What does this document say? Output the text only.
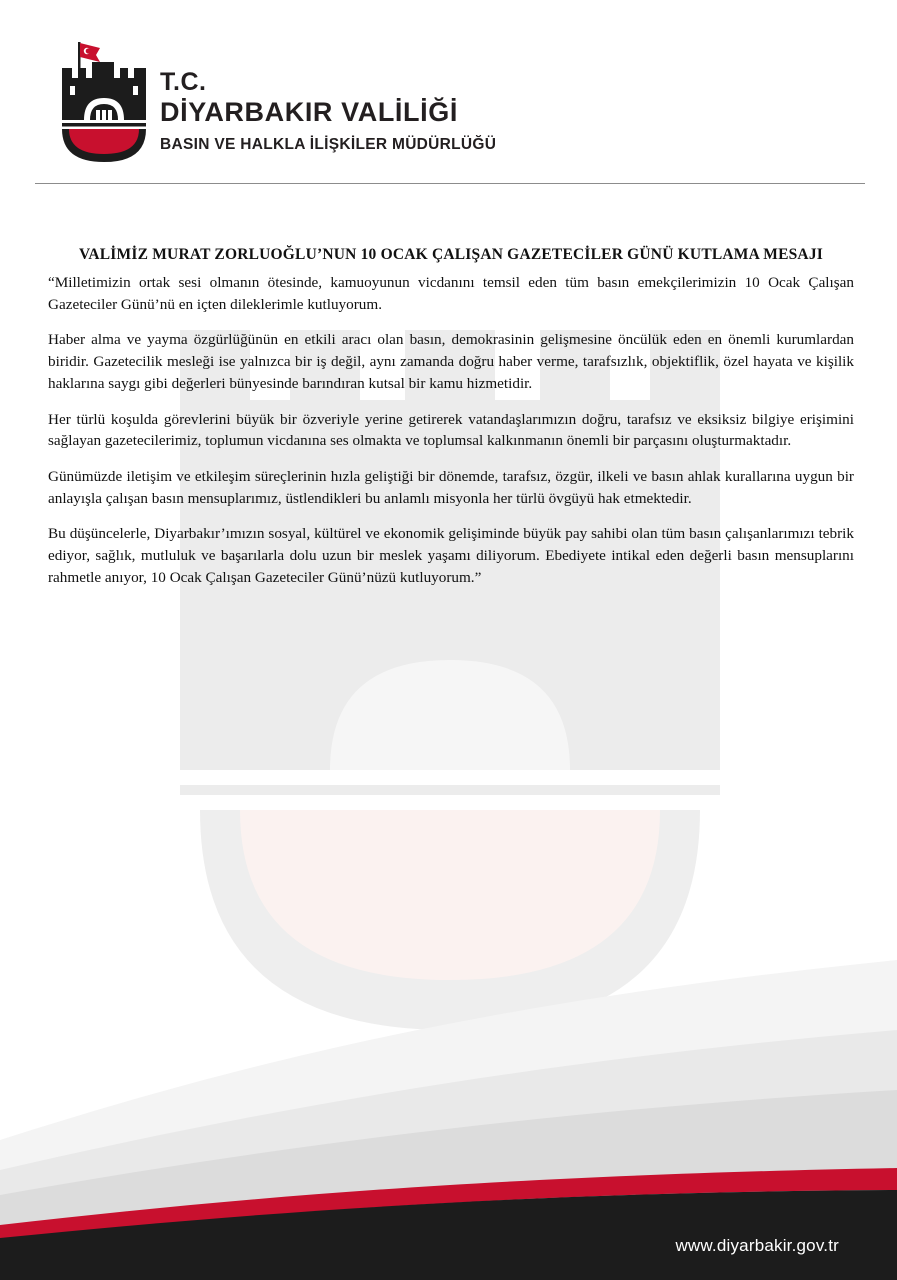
www.diyarbakir.gov.tr
T.C.
DİYARBAKIR VALİLİĞİ
BASIN VE HALKLA İLİŞKİLER MÜDÜRLÜĞÜ
VALİMİZ MURAT ZORLUOĞLU’NUN 10 OCAK ÇALIŞAN GAZETECİLER GÜNÜ KUTLAMA MESAJI

“Milletimizin ortak sesi olmanın ötesinde, kamuoyunun vicdanını temsil eden tüm basın emekçilerimizin 10 Ocak Çalışan Gazeteciler Günü’nü en içten dileklerimle kutluyorum.

Haber alma ve yayma özgürlüğünün en etkili aracı olan basın, demokrasinin gelişmesine öncülük eden en önemli kurumlardan biridir. Gazetecilik mesleği ise yalnızca bir iş değil, aynı zamanda doğru haber verme, tarafsızlık, objektiflik, özel hayata ve kişilik haklarına saygı gibi değerleri bünyesinde barındıran kutsal bir kamu hizmetidir.

Her türlü koşulda görevlerini büyük bir özveriyle yerine getirerek vatandaşlarımızın doğru, tarafsız ve eksiksiz bilgiye erişimini sağlayan gazetecilerimiz, toplumun vicdanına ses olmakta ve toplumsal kalkınmanın önemli bir parçasını oluşturmaktadır.

Günümüzde iletişim ve etkileşim süreçlerinin hızla geliştiği bir dönemde, tarafsız, özgür, ilkeli ve basın ahlak kurallarına uygun bir anlayışla çalışan basın mensuplarımız, üstlendikleri bu anlamlı misyonla her türlü övgüyü hak etmektedir.

Bu düşüncelerle, Diyarbakır’ımızın sosyal, kültürel ve ekonomik gelişiminde büyük pay sahibi olan tüm basın çalışanlarımızı tebrik ediyor, sağlık, mutluluk ve başarılarla dolu uzun bir meslek yaşamı diliyorum. Ebediyete intikal eden değerli basın mensuplarını rahmetle anıyor, 10 Ocak Çalışan Gazeteciler Günü’nüzü kutluyorum.”
